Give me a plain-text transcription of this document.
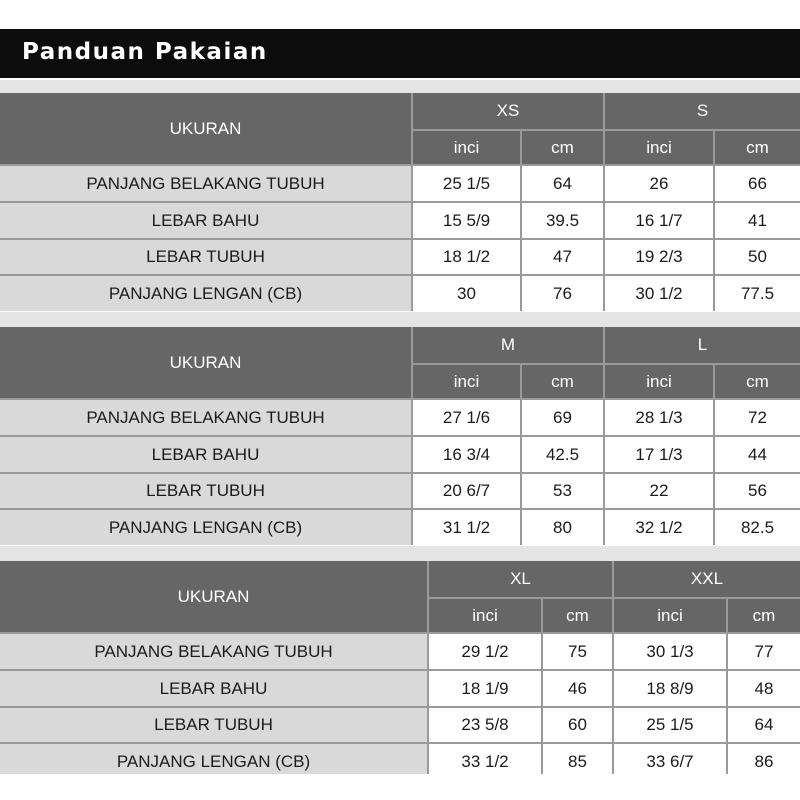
Panduan Pakaian
UKURAN
XS
inci	cm
S
inci	cm
PANJANG BELAKANG TUBUH	25 1/5	64	26	66
LEBAR BAHU	15 5/9	39.5	16 1/7	41
LEBAR TUBUH	18 1/2	47	19 2/3	50
PANJANG LENGAN (CB)	30	76	30 1/2	77.5
UKURAN
M
inci	cm
L
inci	cm
PANJANG BELAKANG TUBUH	27 1/6	69	28 1/3	72
LEBAR BAHU	16 3/4	42.5	17 1/3	44
LEBAR TUBUH	20 6/7	53	22	56
PANJANG LENGAN (CB)	31 1/2	80	32 1/2	82.5
UKURAN
XL
inci	cm
XXL
inci	cm
PANJANG BELAKANG TUBUH	29 1/2	75	30 1/3	77
LEBAR BAHU	18 1/9	46	18 8/9	48
LEBAR TUBUH	23 5/8	60	25 1/5	64
PANJANG LENGAN (CB)	33 1/2	85	33 6/7	86
